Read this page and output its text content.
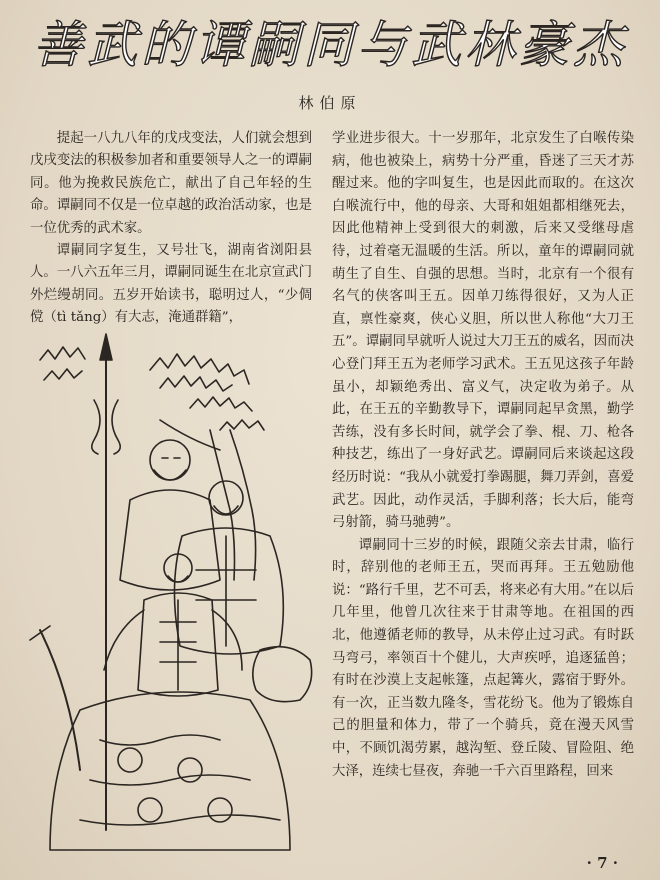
善武的谭嗣同与武林豪杰
林伯原

提起一八九八年的戊戌变法，人们就会想到戊戌变法的积极参加者和重要领导人之一的谭嗣同。他为挽救民族危亡，献出了自己年轻的生命。谭嗣同不仅是一位卓越的政治活动家，也是一位优秀的武术家。

谭嗣同字复生，又号壮飞，湖南省浏阳县人。一八六五年三月，谭嗣同诞生在北京宣武门外烂缦胡同。五岁开始读书，聪明过人，“少倜傥（tì tǎng）有大志，淹通群籍”，

学业进步很大。十一岁那年，北京发生了白喉传染病，他也被染上，病势十分严重，昏迷了三天才苏醒过来。他的字叫复生，也是因此而取的。在这次白喉流行中，他的母亲、大哥和姐姐都相继死去，因此他精神上受到很大的刺激，后来又受继母虐待，过着毫无温暖的生活。所以，童年的谭嗣同就萌生了自生、自强的思想。当时，北京有一个很有名气的侠客叫王五。因单刀练得很好，又为人正直，禀性豪爽，侠心义胆，所以世人称他“大刀王五”。谭嗣同早就听人说过大刀王五的威名，因而决心登门拜王五为老师学习武术。王五见这孩子年龄虽小，却颖绝秀出、富义气，决定收为弟子。从此，在王五的辛勤教导下，谭嗣同起早贪黑，勤学苦练，没有多长时间，就学会了拳、棍、刀、枪各种技艺，练出了一身好武艺。谭嗣同后来谈起这段经历时说：“我从小就爱打拳踢腿，舞刀弄剑，喜爱武艺。因此，动作灵活，手脚利落；长大后，能弯弓射箭，骑马驰骋”。

谭嗣同十三岁的时候，跟随父亲去甘肃，临行时，辞别他的老师王五，哭而再拜。王五勉励他说：“路行千里，艺不可丢，将来必有大用。”在以后几年里，他曾几次往来于甘肃等地。在祖国的西北，他遵循老师的教导，从未停止过习武。有时跃马弯弓，率领百十个健儿，大声疾呼，追逐猛兽；有时在沙漠上支起帐篷，点起篝火，露宿于野外。有一次，正当数九隆冬，雪花纷飞。他为了锻炼自己的胆量和体力，带了一个骑兵，竟在漫天风雪中，不顾饥渴劳累，越沟堑、登丘陵、冒险阻、绝大泽，连续七昼夜，奔驰一千六百里路程，回来

· 7 ·
